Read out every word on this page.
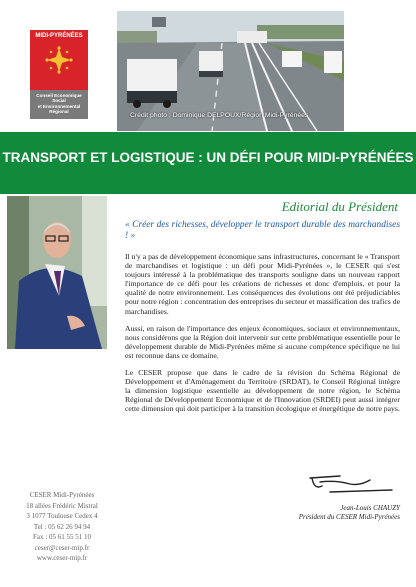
MIDI-PYRÉNÉES
Conseil Economique
Social
et Environnemental
Régional
Crédit photo : Dominique DELPOUX/Région Midi-Pyrénées
TRANSPORT ET LOGISTIQUE : UN DÉFI POUR MIDI-PYRÉNÉES
Editorial du Président

« Créer des richesses, développer le transport durable des marchandises ! »

Il n'y a pas de développement économique sans infrastructures, concernant le « Transport de marchandises et logistique : un défi pour Midi-Pyrénées », le CESER qui s'est toujours intéressé à la problématique des transports souligne dans un nouveau rapport l'importance de ce défi pour les créations de richesses et donc d'emplois, et pour la qualité de notre environnement. Les conséquences des évolutions ont été préjudiciables pour notre région : concentration des entreprises du secteur et massification des trafics de marchandises.

Aussi, en raison de l'importance des enjeux économiques, sociaux et environnementaux, nous considérons que la Région doit intervenir sur cette problématique essentielle pour le développement durable de Midi-Pyrénées même si aucune compétence spécifique ne lui est reconnue dans ce domaine.

Le CESER propose que dans le cadre de la révision du Schéma Régional de Développement et d'Aménagement du Territoire (SRDAT), le Conseil Régional intègre la dimension logistique essentielle au développement de notre région, le Schéma Régional de Développement Economique et de l'Innovation (SRDEI) peut aussi intégrer cette dimension qui doit participer à la transition écologique et énergétique de notre pays.

Jean-Louis CHAUZY
Président du CESER Midi-Pyrénées
CESER Midi-Pyrénées
18 allées Frédéric Mistral
3 1077 Toulouse Cedex 4
Tel : 05 62 26 94 94
Fax : 05 61 55 51 10
ceser@ceser-mip.fr
www.ceser-mip.fr
